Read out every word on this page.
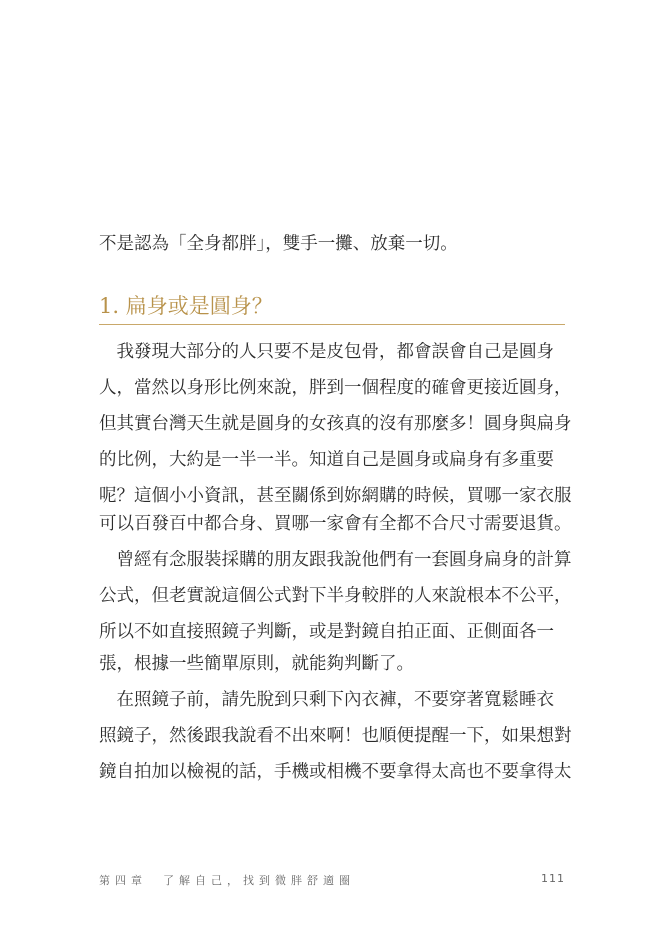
不是認為「全身都胖」，雙手一攤、放棄一切。
1. 扁身或是圓身？
　我發現大部分的人只要不是皮包骨，都會誤會自己是圓身
人，當然以身形比例來說，胖到一個程度的確會更接近圓身，
但其實台灣天生就是圓身的女孩真的沒有那麼多！圓身與扁身
的比例，大約是一半一半。知道自己是圓身或扁身有多重要
呢？這個小小資訊，甚至關係到妳網購的時候，買哪一家衣服
可以百發百中都合身、買哪一家會有全都不合尺寸需要退貨。
　曾經有念服裝採購的朋友跟我說他們有一套圓身扁身的計算
公式，但老實說這個公式對下半身較胖的人來說根本不公平，
所以不如直接照鏡子判斷，或是對鏡自拍正面、正側面各一
張，根據一些簡單原則，就能夠判斷了。
　在照鏡子前，請先脫到只剩下內衣褲，不要穿著寬鬆睡衣
照鏡子，然後跟我說看不出來啊！也順便提醒一下，如果想對
鏡自拍加以檢視的話，手機或相機不要拿得太高也不要拿得太
第四章　了解自己，找到微胖舒適圈	111
